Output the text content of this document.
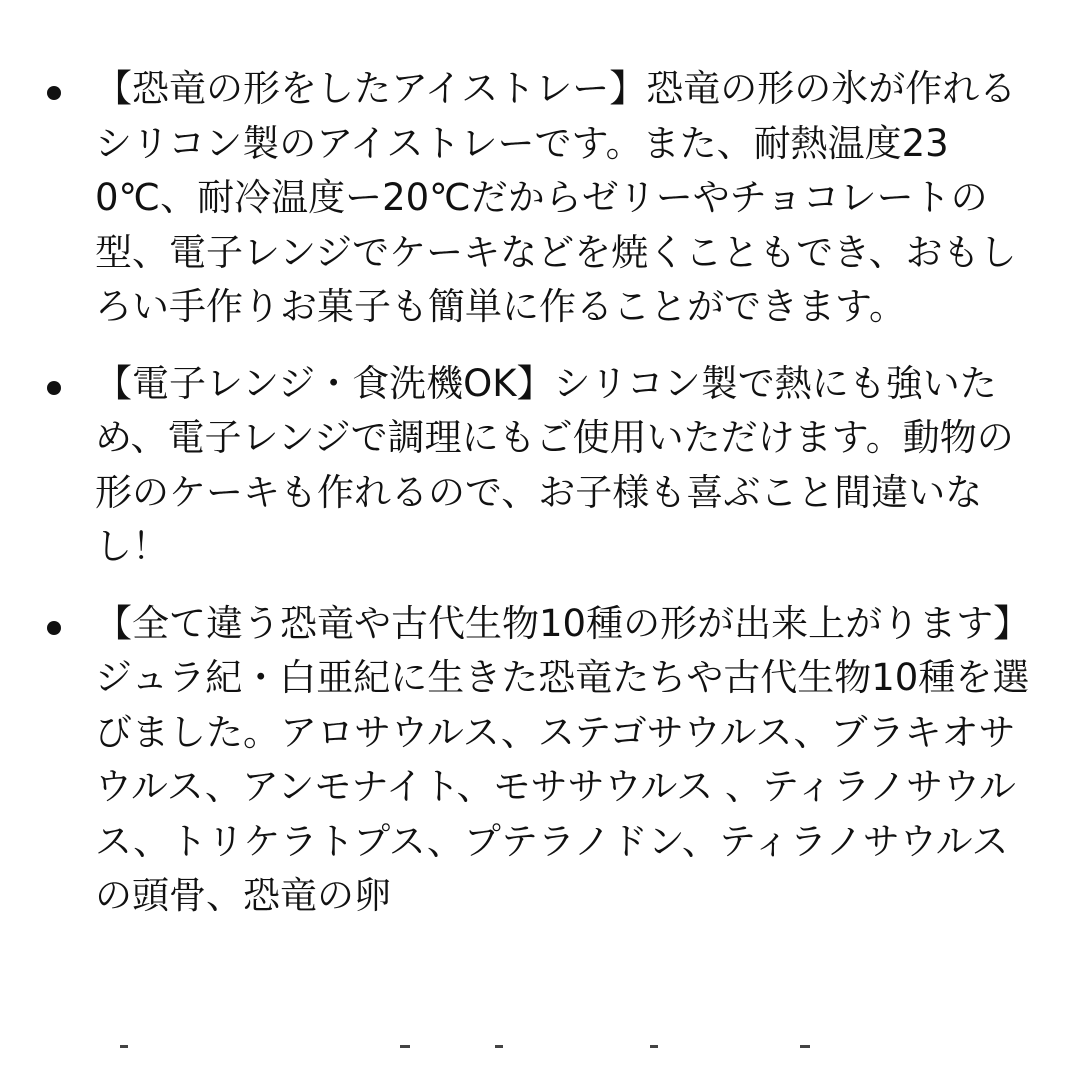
【恐竜の形をしたアイストレー】恐竜の形の氷が作れるシリコン製のアイストレーです。また、耐熱温度230℃、耐冷温度ー20℃だからゼリーやチョコレートの型、電子レンジでケーキなどを焼くこともでき、おもしろい手作りお菓子も簡単に作ることができます。
【電子レンジ・食洗機OK】シリコン製で熱にも強いため、電子レンジで調理にもご使用いただけます。動物の形のケーキも作れるので、お子様も喜ぶこと間違いなし！
【全て違う恐竜や古代生物10種の形が出来上がります】ジュラ紀・白亜紀に生きた恐竜たちや古代生物10種を選びました。アロサウルス、ステゴサウルス、ブラキオサウルス、アンモナイト、モササウルス 、ティラノサウルス、トリケラトプス、プテラノドン、ティラノサウルスの頭骨、恐竜の卵
